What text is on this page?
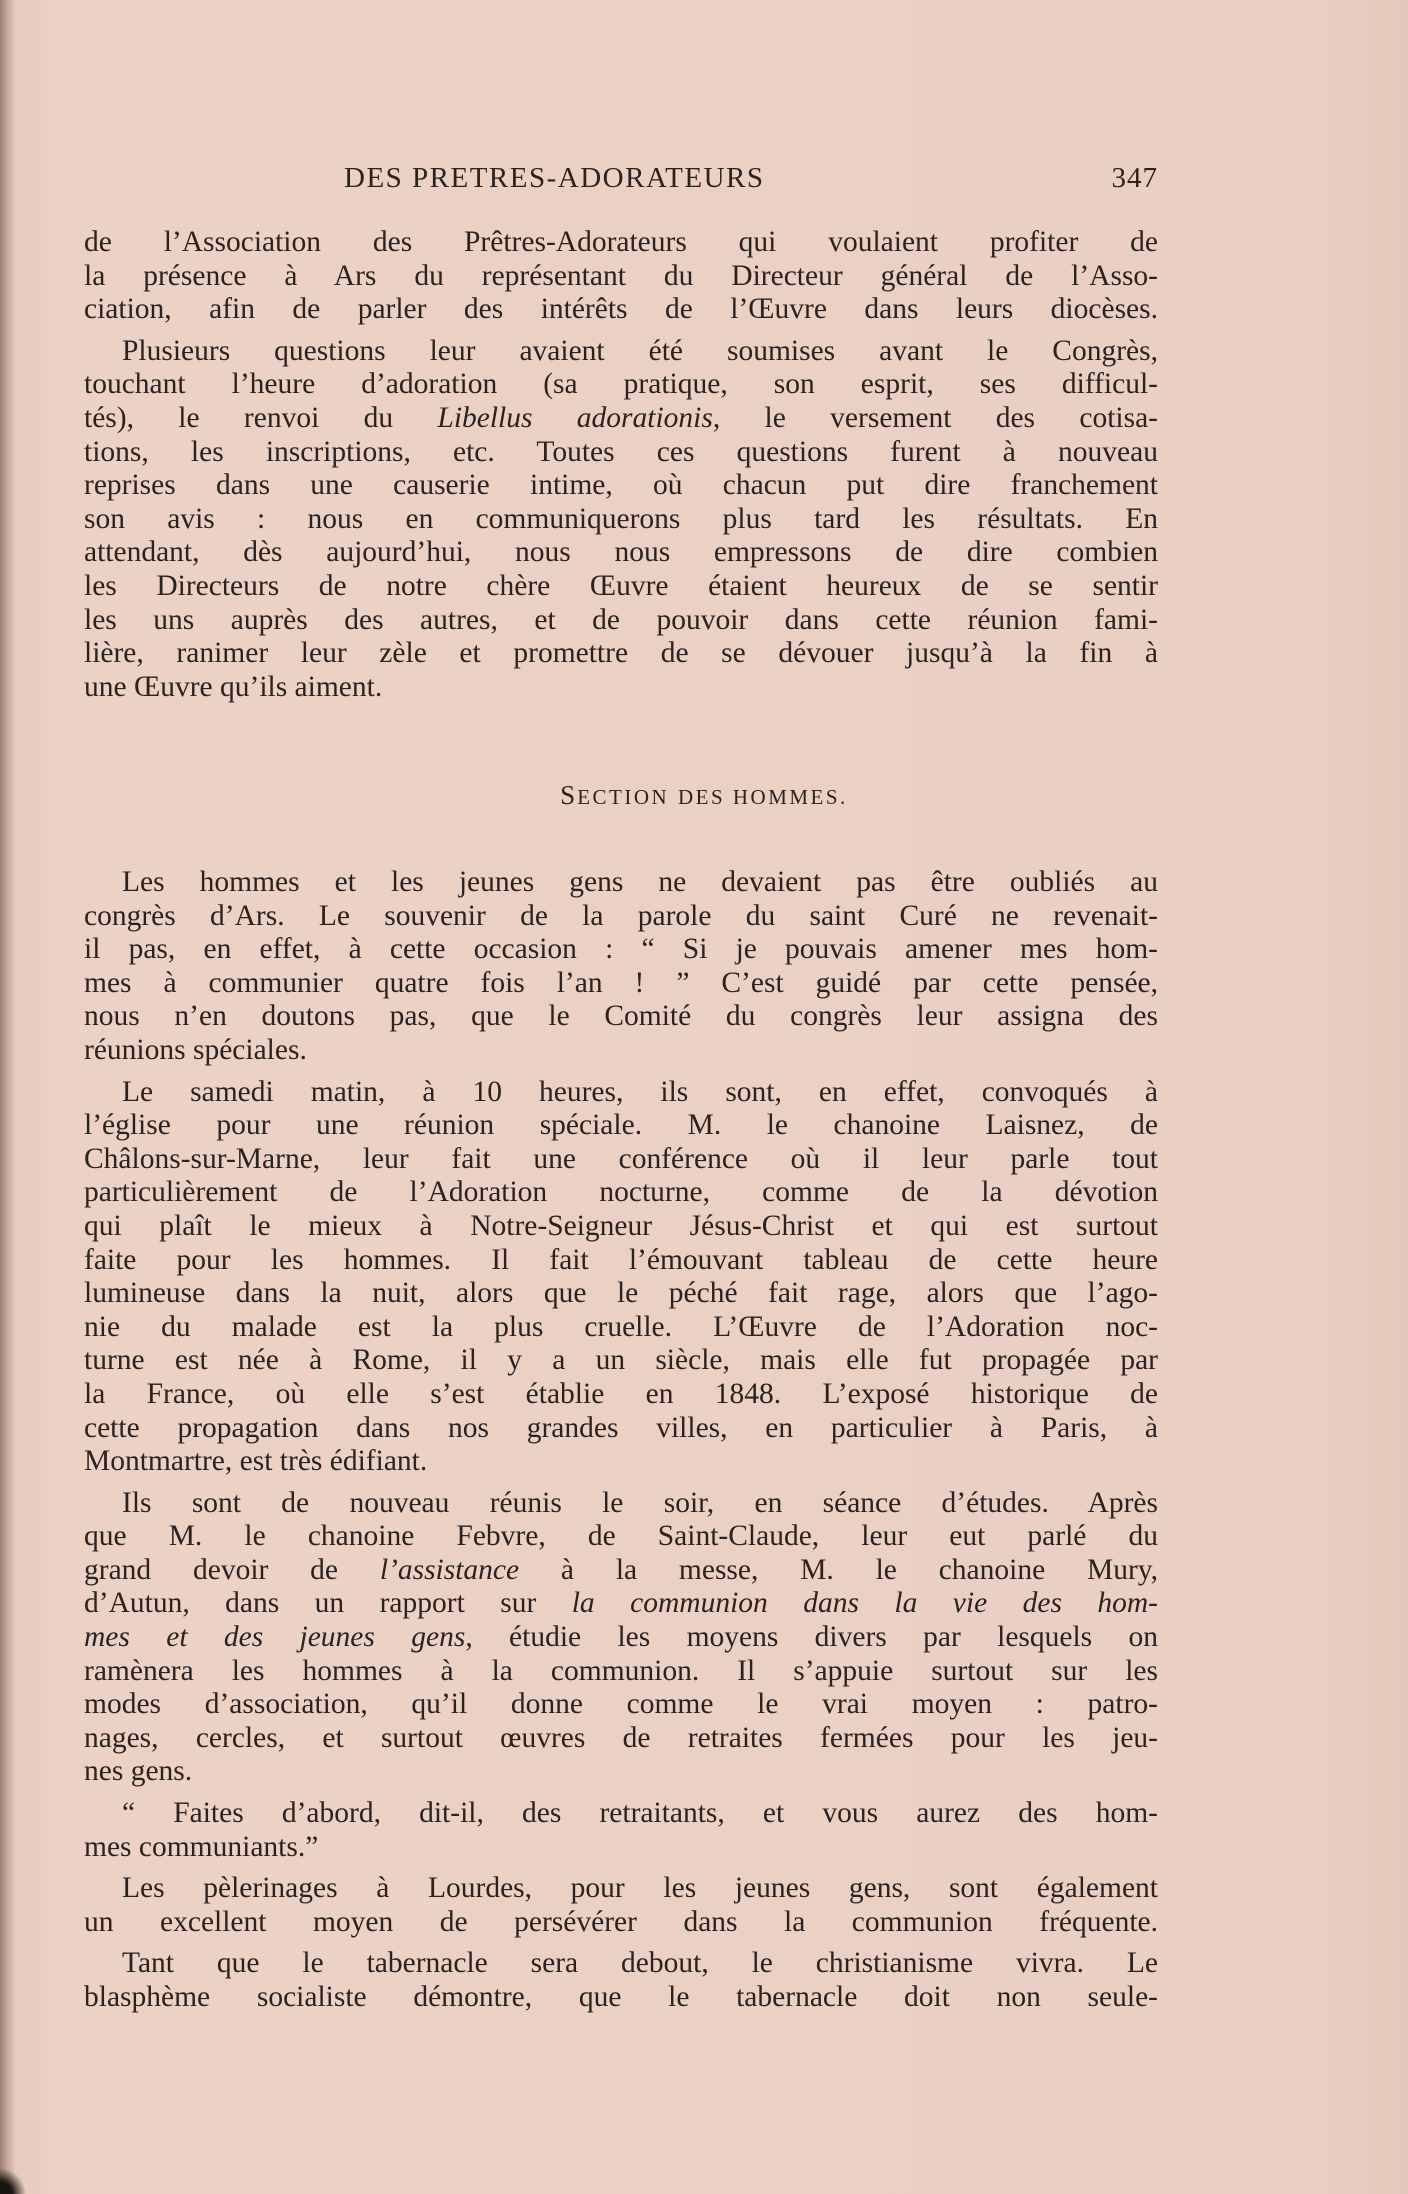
DES PRETRES-ADORATEURS	347
de l’Association des Prêtres-Adorateurs qui voulaient profiter de
la présence à Ars du représentant du Directeur général de l’Asso-
ciation, afin de parler des intérêts de l’Œuvre dans leurs diocèses.
Plusieurs questions leur avaient été soumises avant le Congrès,
touchant l’heure d’adoration (sa pratique, son esprit, ses difficul-
tés), le renvoi du Libellus adorationis, le versement des cotisa-
tions, les inscriptions, etc. Toutes ces questions furent à nouveau
reprises dans une causerie intime, où chacun put dire franchement
son avis : nous en communiquerons plus tard les résultats. En
attendant, dès aujourd’hui, nous nous empressons de dire combien
les Directeurs de notre chère Œuvre étaient heureux de se sentir
les uns auprès des autres, et de pouvoir dans cette réunion fami-
lière, ranimer leur zèle et promettre de se dévouer jusqu’à la fin à
une Œuvre qu’ils aiment.
SECTION DES HOMMES.
Les hommes et les jeunes gens ne devaient pas être oubliés au
congrès d’Ars. Le souvenir de la parole du saint Curé ne revenait-
il pas, en effet, à cette occasion : “ Si je pouvais amener mes hom-
mes à communier quatre fois l’an ! ” C’est guidé par cette pensée,
nous n’en doutons pas, que le Comité du congrès leur assigna des
réunions spéciales.
Le samedi matin, à 10 heures, ils sont, en effet, convoqués à
l’église pour une réunion spéciale. M. le chanoine Laisnez, de
Châlons-sur-Marne, leur fait une conférence où il leur parle tout
particulièrement de l’Adoration nocturne, comme de la dévotion
qui plaît le mieux à Notre-Seigneur Jésus-Christ et qui est surtout
faite pour les hommes. Il fait l’émouvant tableau de cette heure
lumineuse dans la nuit, alors que le péché fait rage, alors que l’ago-
nie du malade est la plus cruelle. L’Œuvre de l’Adoration noc-
turne est née à Rome, il y a un siècle, mais elle fut propagée par
la France, où elle s’est établie en 1848. L’exposé historique de
cette propagation dans nos grandes villes, en particulier à Paris, à
Montmartre, est très édifiant.
Ils sont de nouveau réunis le soir, en séance d’études. Après
que M. le chanoine Febvre, de Saint-Claude, leur eut parlé du
grand devoir de l’assistance à la messe, M. le chanoine Mury,
d’Autun, dans un rapport sur la communion dans la vie des hom-
mes et des jeunes gens, étudie les moyens divers par lesquels on
ramènera les hommes à la communion. Il s’appuie surtout sur les
modes d’association, qu’il donne comme le vrai moyen : patro-
nages, cercles, et surtout œuvres de retraites fermées pour les jeu-
nes gens.
“ Faites d’abord, dit-il, des retraitants, et vous aurez des hom-
mes communiants.”
Les pèlerinages à Lourdes, pour les jeunes gens, sont également
un excellent moyen de persévérer dans la communion fréquente.
Tant que le tabernacle sera debout, le christianisme vivra. Le
blasphème socialiste démontre, que le tabernacle doit non seule-
